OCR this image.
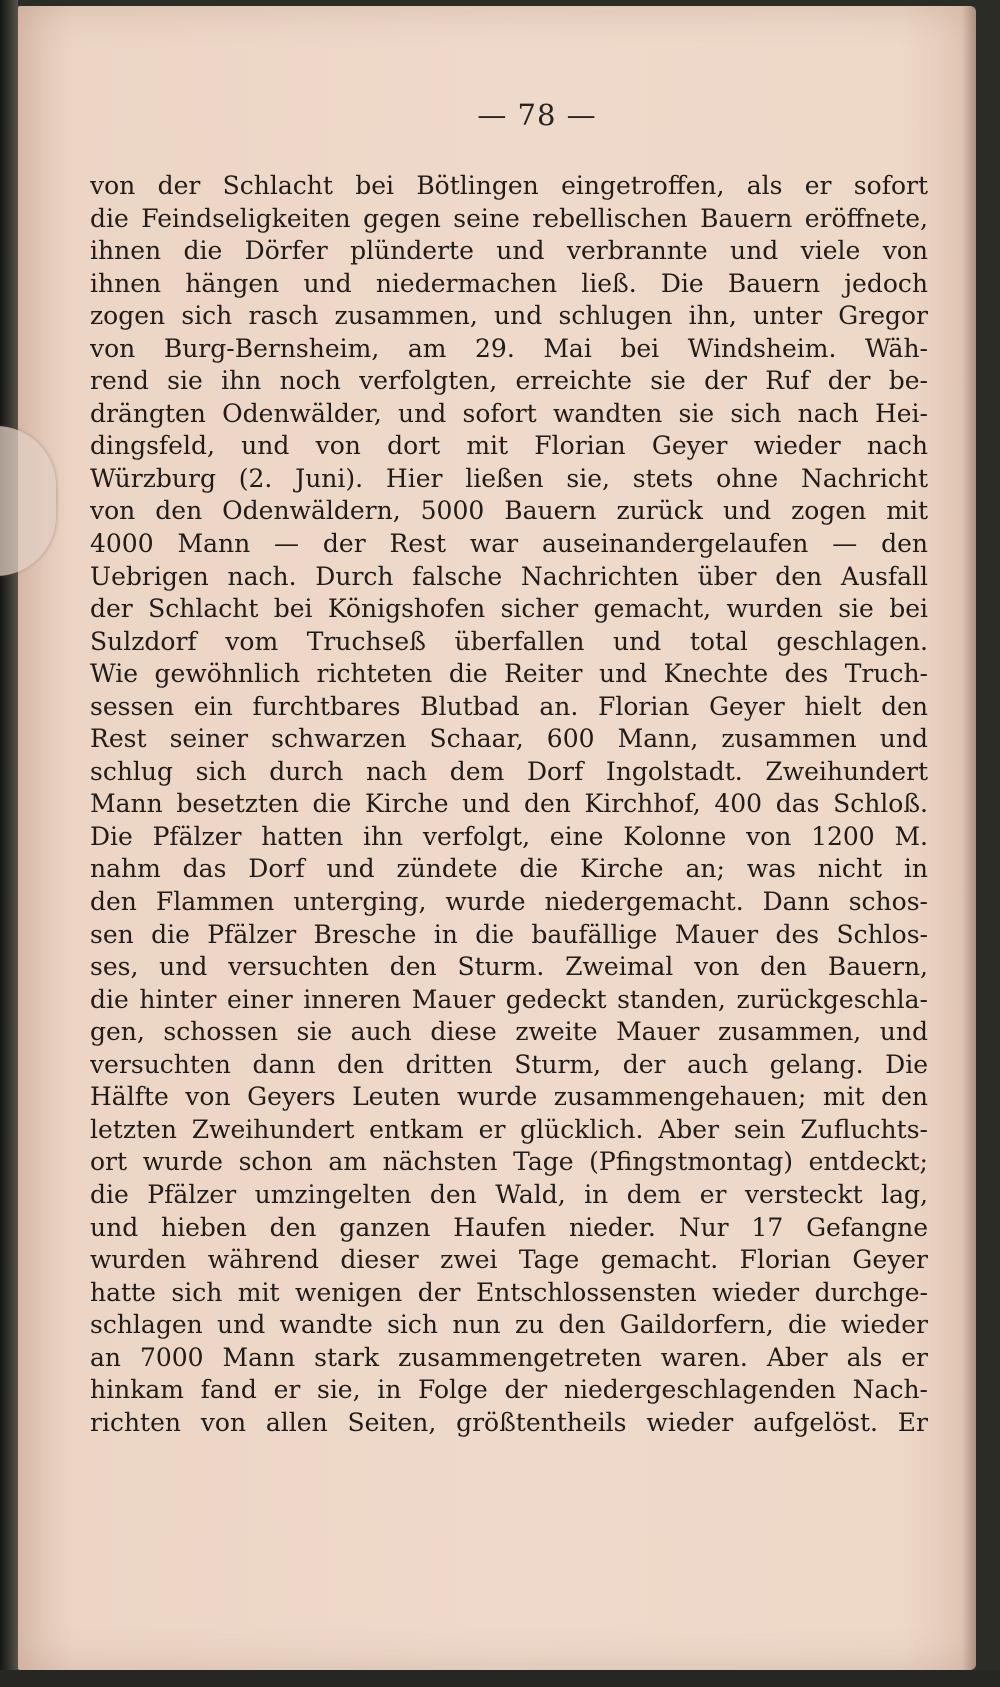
— 78 —
von der Schlacht bei Bötlingen eingetroffen, als er sofort
die Feindseligkeiten gegen seine rebellischen Bauern eröffnete,
ihnen die Dörfer plünderte und verbrannte und viele von
ihnen hängen und niedermachen ließ. Die Bauern jedoch
zogen sich rasch zusammen, und schlugen ihn, unter Gregor
von Burg-Bernsheim, am 29. Mai bei Windsheim. Wäh-
rend sie ihn noch verfolgten, erreichte sie der Ruf der be-
drängten Odenwälder, und sofort wandten sie sich nach Hei-
dingsfeld, und von dort mit Florian Geyer wieder nach
Würzburg (2. Juni). Hier ließen sie, stets ohne Nachricht
von den Odenwäldern, 5000 Bauern zurück und zogen mit
4000 Mann — der Rest war auseinandergelaufen — den
Uebrigen nach. Durch falsche Nachrichten über den Ausfall
der Schlacht bei Königshofen sicher gemacht, wurden sie bei
Sulzdorf vom Truchseß überfallen und total geschlagen.
Wie gewöhnlich richteten die Reiter und Knechte des Truch-
sessen ein furchtbares Blutbad an. Florian Geyer hielt den
Rest seiner schwarzen Schaar, 600 Mann, zusammen und
schlug sich durch nach dem Dorf Ingolstadt. Zweihundert
Mann besetzten die Kirche und den Kirchhof, 400 das Schloß.
Die Pfälzer hatten ihn verfolgt, eine Kolonne von 1200 M.
nahm das Dorf und zündete die Kirche an; was nicht in
den Flammen unterging, wurde niedergemacht. Dann schos-
sen die Pfälzer Bresche in die baufällige Mauer des Schlos-
ses, und versuchten den Sturm. Zweimal von den Bauern,
die hinter einer inneren Mauer gedeckt standen, zurückgeschla-
gen, schossen sie auch diese zweite Mauer zusammen, und
versuchten dann den dritten Sturm, der auch gelang. Die
Hälfte von Geyers Leuten wurde zusammengehauen; mit den
letzten Zweihundert entkam er glücklich. Aber sein Zufluchts-
ort wurde schon am nächsten Tage (Pfingstmontag) entdeckt;
die Pfälzer umzingelten den Wald, in dem er versteckt lag,
und hieben den ganzen Haufen nieder. Nur 17 Gefangne
wurden während dieser zwei Tage gemacht. Florian Geyer
hatte sich mit wenigen der Entschlossensten wieder durchge-
schlagen und wandte sich nun zu den Gaildorfern, die wieder
an 7000 Mann stark zusammengetreten waren. Aber als er
hinkam fand er sie, in Folge der niedergeschlagenden Nach-
richten von allen Seiten, größtentheils wieder aufgelöst. Er
